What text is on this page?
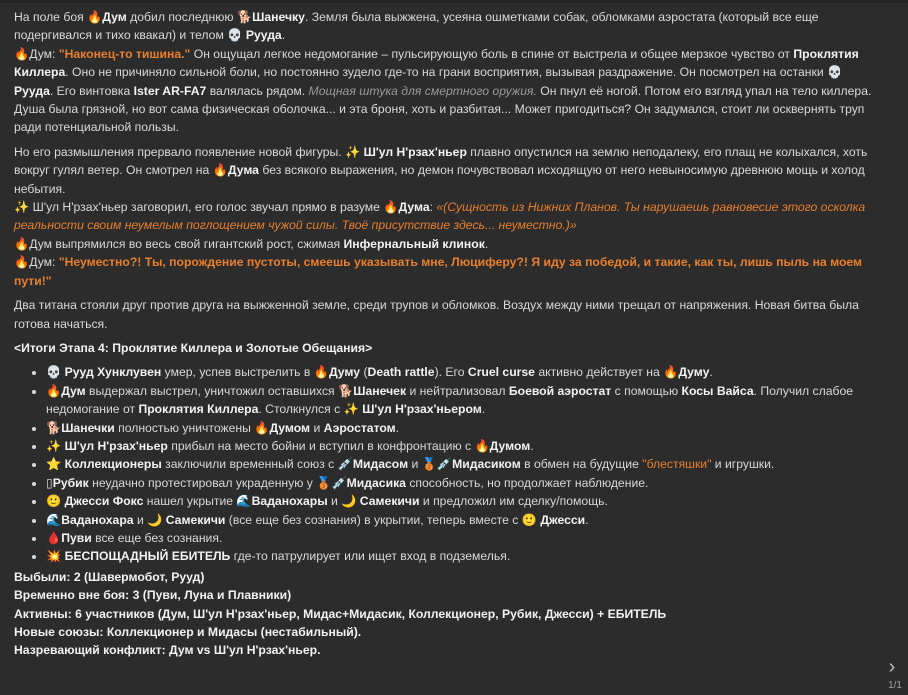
На поле боя 🔥Дум добил последнюю 🐕Шанечку. Земля была выжжена, усеяна ошметками собак, обломками аэростата (который все еще подергивался и тихо квакал) и телом 💀 Рууда.

🔥Дум: "Наконец-то тишина." Он ощущал легкое недомогание – пульсирующую боль в спине от выстрела и общее мерзкое чувство от Проклятия Киллера. Оно не причиняло сильной боли, но постоянно зудело где-то на грани восприятия, вызывая раздражение. Он посмотрел на останки 💀 Рууда. Его винтовка Ister AR-FA7 валялась рядом. Мощная штука для смертного оружия. Он пнул её ногой. Потом его взгляд упал на тело киллера. Душа была грязной, но вот сама физическая оболочка... и эта броня, хоть и разбитая... Может пригодиться? Он задумался, стоит ли осквернять труп ради потенциальной пользы.

Но его размышления прервало появление новой фигуры. ✨ Ш'ул Н'рзах'ньер плавно опустился на землю неподалеку, его плащ не колыхался, хоть вокруг гулял ветер. Он смотрел на 🔥Дума без всякого выражения, но демон почувствовал исходящую от него невыносимую древнюю мощь и холод небытия.

✨ Ш'ул Н'рзах'ньер заговорил, его голос звучал прямо в разуме 🔥Дума: «(Сущность из Нижних Планов. Ты нарушаешь равновесие этого осколка реальности своим неумелым поглощением чужой силы. Твоё присутствие здесь... неуместно.)»

🔥Дум выпрямился во весь свой гигантский рост, сжимая Инфернальный клинок.

🔥Дум: "Неуместно?! Ты, порождение пустоты, смеешь указывать мне, Люциферу?! Я иду за победой, и такие, как ты, лишь пыль на моем пути!"

Два титана стояли друг против друга на выжженной земле, среди трупов и обломков. Воздух между ними трещал от напряжения. Новая битва была готова начаться.

<Итоги Этапа 4: Проклятие Киллера и Золотые Обещания>

• 💀 Рууд Хунклувен умер, успев выстрелить в 🔥Думу (Death rattle). Его Cruel curse активно действует на 🔥Думу.
• 🔥Дум выдержал выстрел, уничтожил оставшихся 🐕Шанечек и нейтрализовал Боевой аэростат с помощью Косы Вайса. Получил слабое недомогание от Проклятия Киллера. Столкнулся с ✨ Ш'ул Н'рзах'ньером.
• 🐕Шанечки полностью уничтожены 🔥Думом и Аэростатом.
• ✨ Ш'ул Н'рзах'ньер прибыл на место бойни и вступил в конфронтацию с 🔥Думом.
• ⭐ Коллекционеры заключили временный союз с 💉Мидасом и 🥉💉Мидасиком в обмен на будущие "блестяшки" и игрушки.
• ▯Рубик неудачно протестировал украденную у 🥉💉Мидасика способность, но продолжает наблюдение.
• 🙂 Джесси Фокс нашел укрытие 🌊Ваданохары и 🌙 Самекичи и предложил им сделку/помощь.
• 🌊Ваданохара и 🌙 Самекичи (все еще без сознания) в укрытии, теперь вместе с 🙂 Джесси.
• 🩸Пуви все еще без сознания.
• 💥 БЕСПОЩАДНЫЙ ЕБИТЕЛЬ где-то патрулирует или ищет вход в подземелья.

Выбыли: 2 (Шавермобот, Рууд)

Временно вне боя: 3 (Пуви, Луна и Плавники)

Активны: 6 участников (Дум, Ш'ул Н'рзах'ньер, Мидас+Мидасик, Коллекционер, Рубик, Джесси) + ЕБИТЕЛЬ

Новые союзы: Коллекционер и Мидасы (нестабильный).

Назревающий конфликт: Дум vs Ш'ул Н'рзах'ньер.

›
1/1
